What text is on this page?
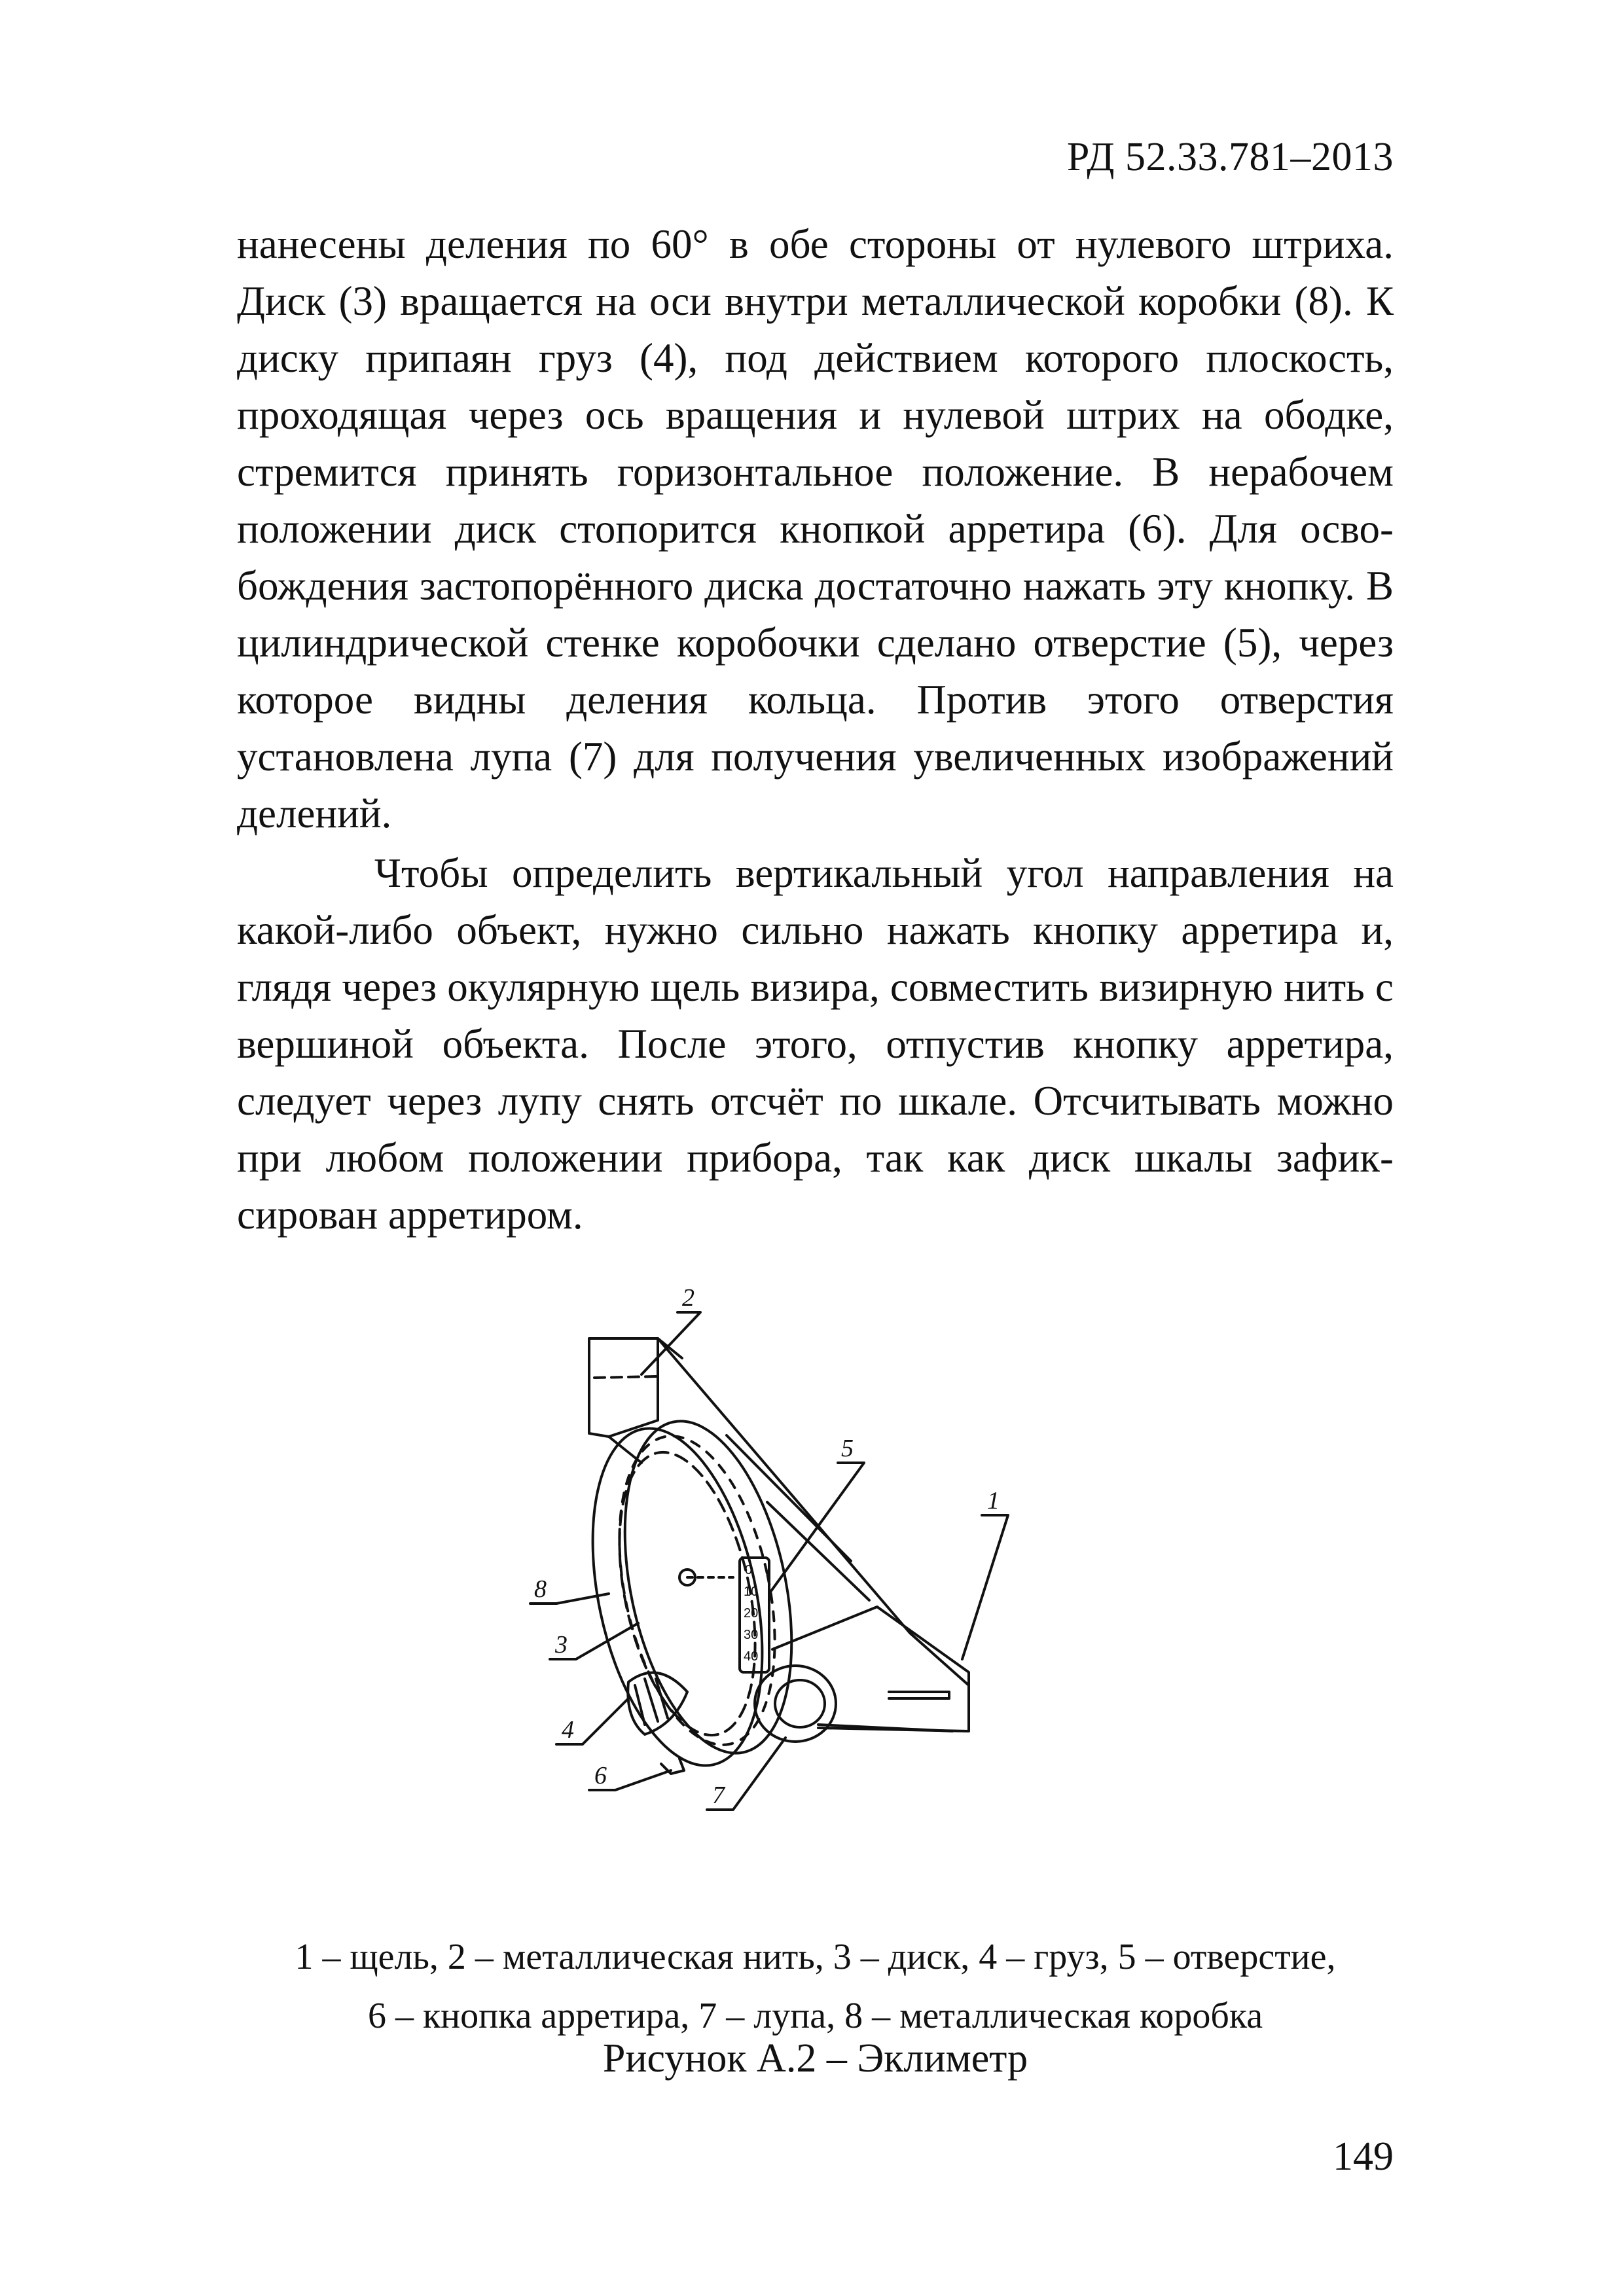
РД 52.33.781–2013

нанесены деления по 60° в обе стороны от нулевого штриха. Диск (3) вращается на оси внутри металлической коробки (8). К диску припаян груз (4), под действием которого плоскость, проходящая через ось вращения и нулевой штрих на ободке, стремится принять горизонтальное положение. В нерабочем положении диск стопорится кнопкой арретира (6). Для освобождения застопорённого диска достаточно нажать эту кнопку. В цилиндрической стенке коробочки сделано отверстие (5), через которое видны деления кольца. Против этого отверстия установлена лупа (7) для получения увеличенных изображений делений.

Чтобы определить вертикальный угол направления на какой-либо объект, нужно сильно нажать кнопку арретира и, глядя через окулярную щель визира, совместить визирную нить с вершиной объекта. После этого, отпустив кнопку арретира, следует через лупу снять отсчёт по шкале. Отсчитывать можно при любом положении прибора, так как диск шкалы зафиксирован арретиром.

2
5
1
8
3
4
6
7
0
10
20
30
40
1 – щель, 2 – металлическая нить, 3 – диск, 4 – груз, 5 – отверстие,
6 – кнопка арретира, 7 – лупа, 8 – металлическая коробка
Рисунок А.2 – Эклиметр
149
